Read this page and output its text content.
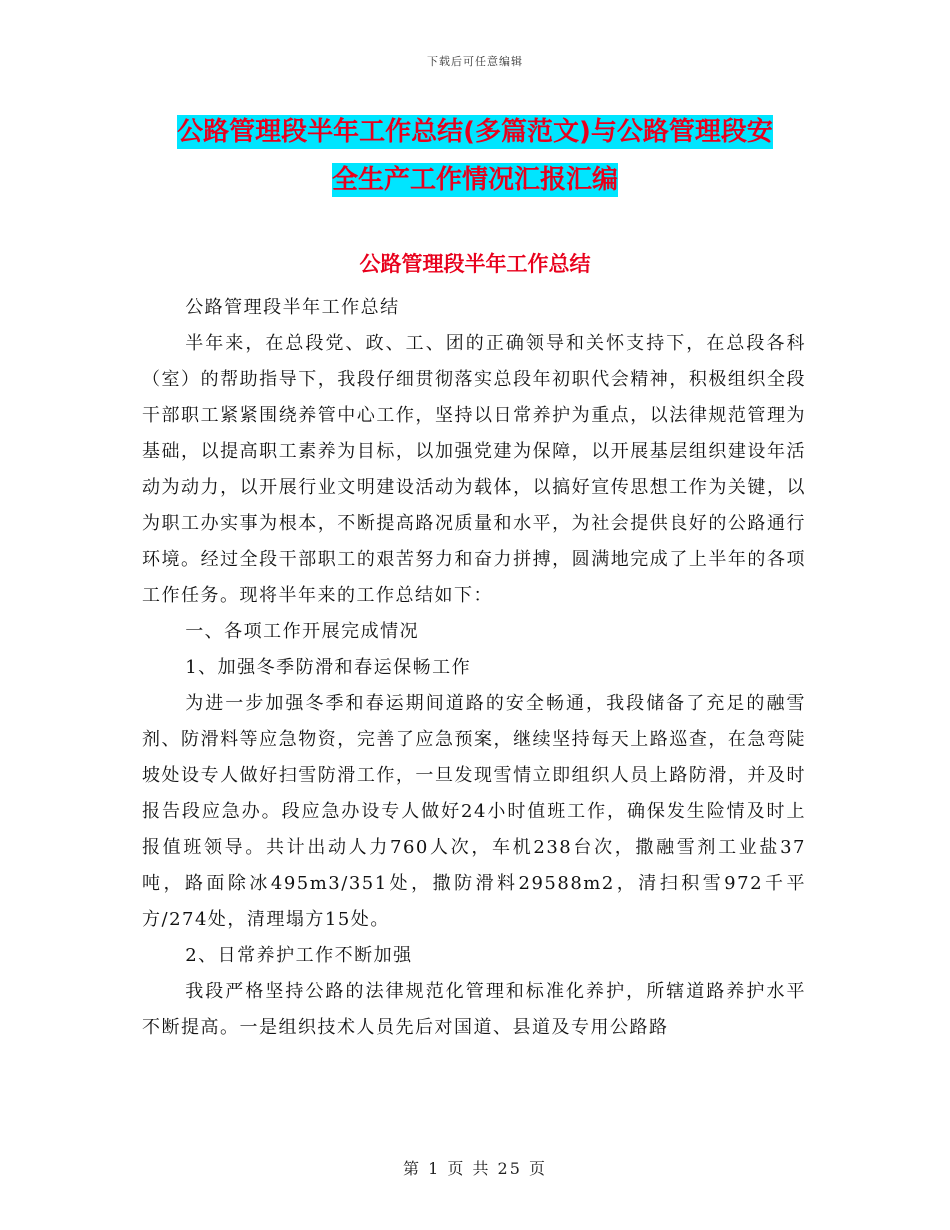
下载后可任意编辑
公路管理段半年工作总结(多篇范文)与公路管理段安
全生产工作情况汇报汇编
公路管理段半年工作总结

公路管理段半年工作总结

半年来，在总段党、政、工、团的正确领导和关怀支持下，在总段各科（室）的帮助指导下，我段仔细贯彻落实总段年初职代会精神，积极组织全段干部职工紧紧围绕养管中心工作，坚持以日常养护为重点，以法律规范管理为基础，以提高职工素养为目标，以加强党建为保障，以开展基层组织建设年活动为动力，以开展行业文明建设活动为载体，以搞好宣传思想工作为关键，以为职工办实事为根本，不断提高路况质量和水平，为社会提供良好的公路通行环境。经过全段干部职工的艰苦努力和奋力拼搏，圆满地完成了上半年的各项工作任务。现将半年来的工作总结如下：

一、各项工作开展完成情况

1、加强冬季防滑和春运保畅工作

为进一步加强冬季和春运期间道路的安全畅通，我段储备了充足的融雪剂、防滑料等应急物资，完善了应急预案，继续坚持每天上路巡查，在急弯陡坡处设专人做好扫雪防滑工作，一旦发现雪情立即组织人员上路防滑，并及时报告段应急办。段应急办设专人做好24小时值班工作，确保发生险情及时上报值班领导。共计出动人力760人次，车机238台次，撒融雪剂工业盐37吨，路面除冰495m3/351处，撒防滑料29588m2，清扫积雪972千平方/274处，清理塌方15处。

2、日常养护工作不断加强

我段严格坚持公路的法律规范化管理和标准化养护，所辖道路养护水平不断提高。一是组织技术人员先后对国道、县道及专用公路路

第 1 页 共 25 页
